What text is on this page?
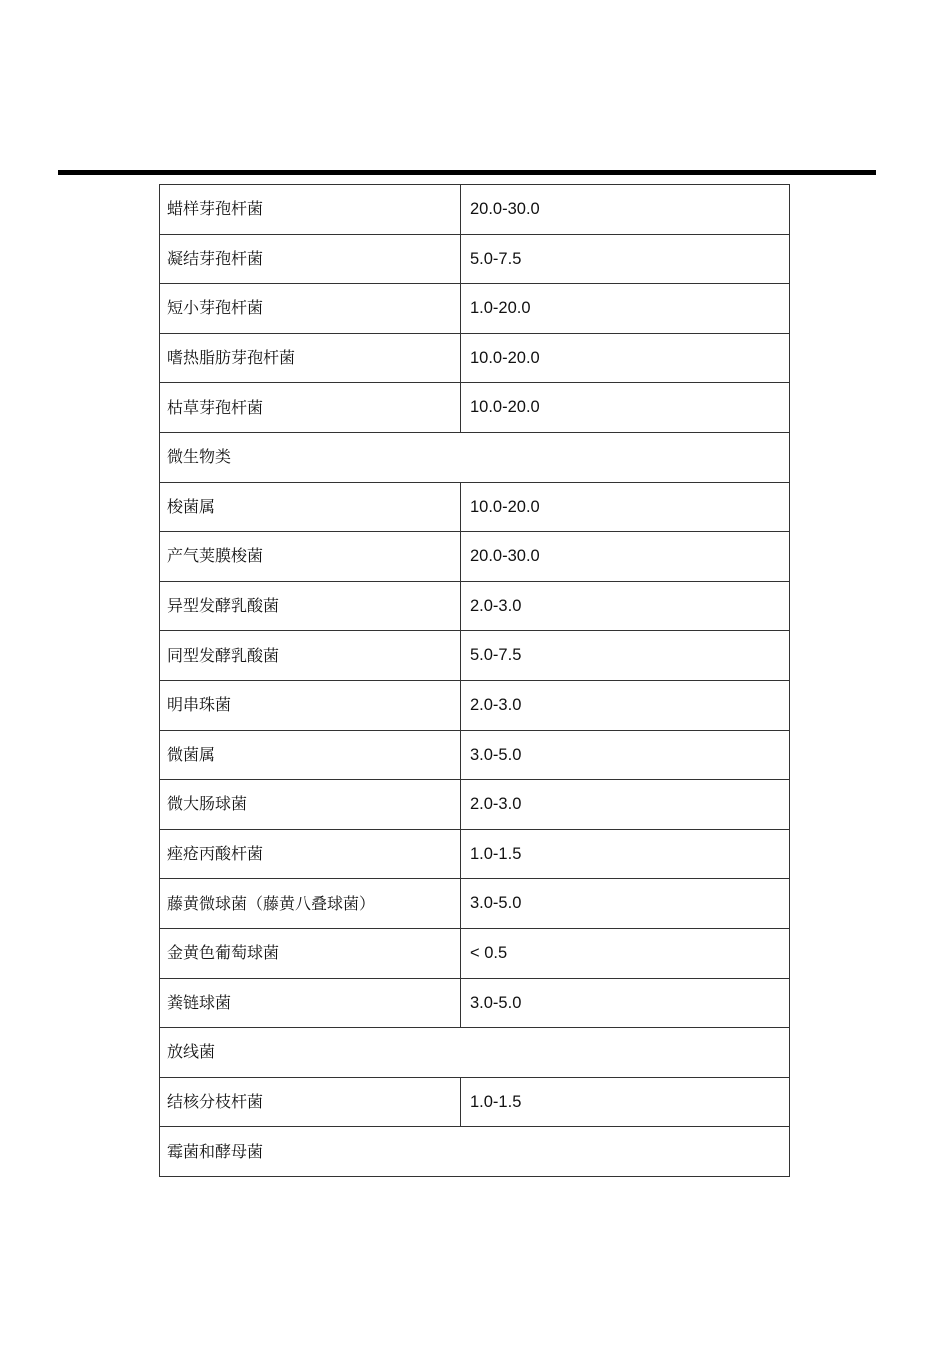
蜡样芽孢杆菌	20.0-30.0
凝结芽孢杆菌	5.0-7.5
短小芽孢杆菌	1.0-20.0
嗜热脂肪芽孢杆菌	10.0-20.0
枯草芽孢杆菌	10.0-20.0
微生物类	
梭菌属	10.0-20.0
产气荚膜梭菌	20.0-30.0
异型发酵乳酸菌	2.0-3.0
同型发酵乳酸菌	5.0-7.5
明串珠菌	2.0-3.0
微菌属	3.0-5.0
微大肠球菌	2.0-3.0
痤疮丙酸杆菌	1.0-1.5
藤黄微球菌（藤黄八叠球菌）	3.0-5.0
金黄色葡萄球菌	< 0.5
粪链球菌	3.0-5.0
放线菌	
结核分枝杆菌	1.0-1.5
霉菌和酵母菌	
